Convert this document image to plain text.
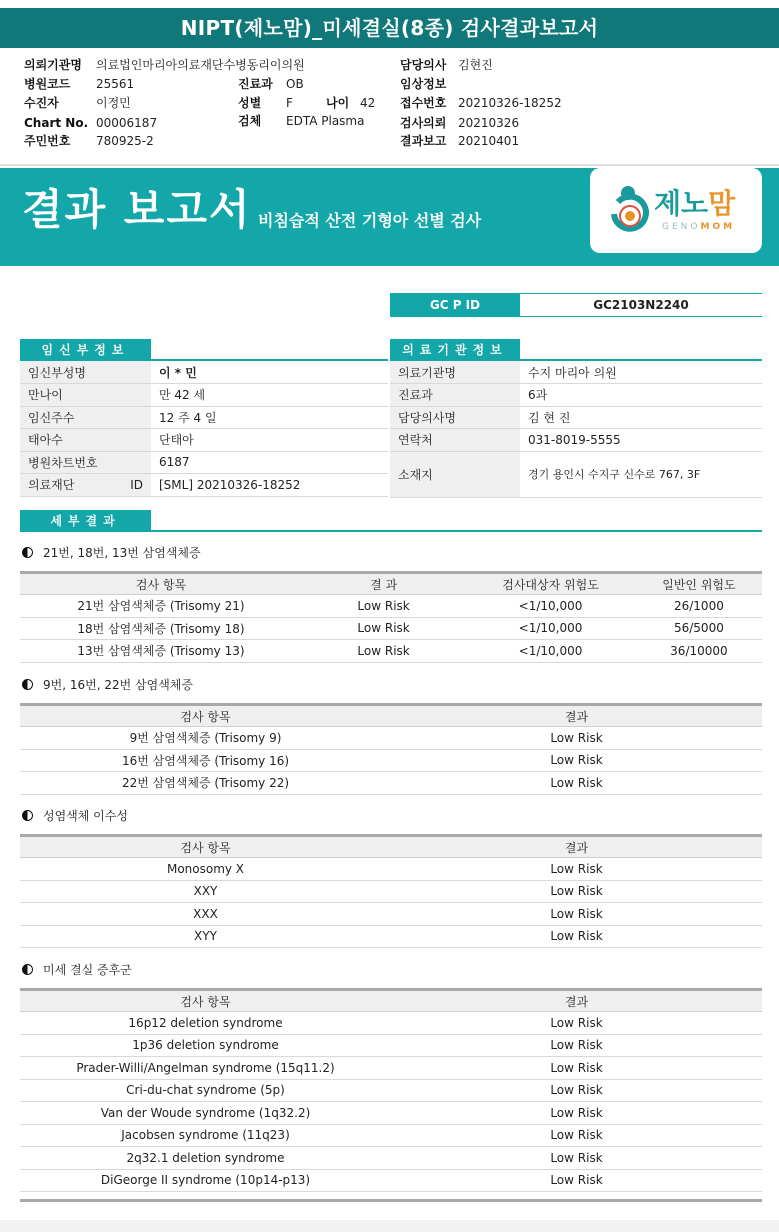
NIPT(제노맘)_미세결실(8종) 검사결과보고서
의뢰기관명 의료법인마리아의료재단수병동리이의원
병원코드 25561
수진자	이정민
Chart No. 00006187
주민번호 780925-2
진료과 OB
성별 F	나이 42
검체 EDTA Plasma
담당의사 김현진
임상정보
접수번호 20210326-18252
검사의뢰 20210326
결과보고 20210401
결과 보고서 비침습적 산전 기형아 선별 검사
제노맘
GENOMOM
GC P ID	GC2103N2240
임신부정보
임신부성명	이 * 민
만나이	만 42 세
임신주수	12 주 4 일
태아수	단태아
병원차트번호	6187
의료재단 ID	[SML] 20210326-18252
의료기관정보
의료기관명	수지 마리아 의원
진료과	6과
담당의사명	김 현 진
연락처	031-8019-5555
소재지	경기 용인시 수지구 신수로 767, 3F
세부결과
21번, 18번, 13번 삼염색체증
검사 항목	결 과	검사대상자 위험도	일반인 위험도
21번 삼염색체증 (Trisomy 21)	Low Risk	<1/10,000	26/1000
18번 삼염색체증 (Trisomy 18)	Low Risk	<1/10,000	56/5000
13번 삼염색체증 (Trisomy 13)	Low Risk	<1/10,000	36/10000
9번, 16번, 22번 삼염색체증
검사 항목	결과
9번 삼염색체증 (Trisomy 9)	Low Risk
16번 삼염색체증 (Trisomy 16)	Low Risk
22번 삼염색체증 (Trisomy 22)	Low Risk
성염색체 이수성
검사 항목	결과
Monosomy X	Low Risk
XXY	Low Risk
XXX	Low Risk
XYY	Low Risk
미세 결실 증후군
검사 항목	결과
16p12 deletion syndrome	Low Risk
1p36 deletion syndrome	Low Risk
Prader-Willi/Angelman syndrome (15q11.2)	Low Risk
Cri-du-chat syndrome (5p)	Low Risk
Van der Woude syndrome (1q32.2)	Low Risk
Jacobsen syndrome (11q23)	Low Risk
2q32.1 deletion syndrome	Low Risk
DiGeorge II syndrome (10p14-p13)	Low Risk
